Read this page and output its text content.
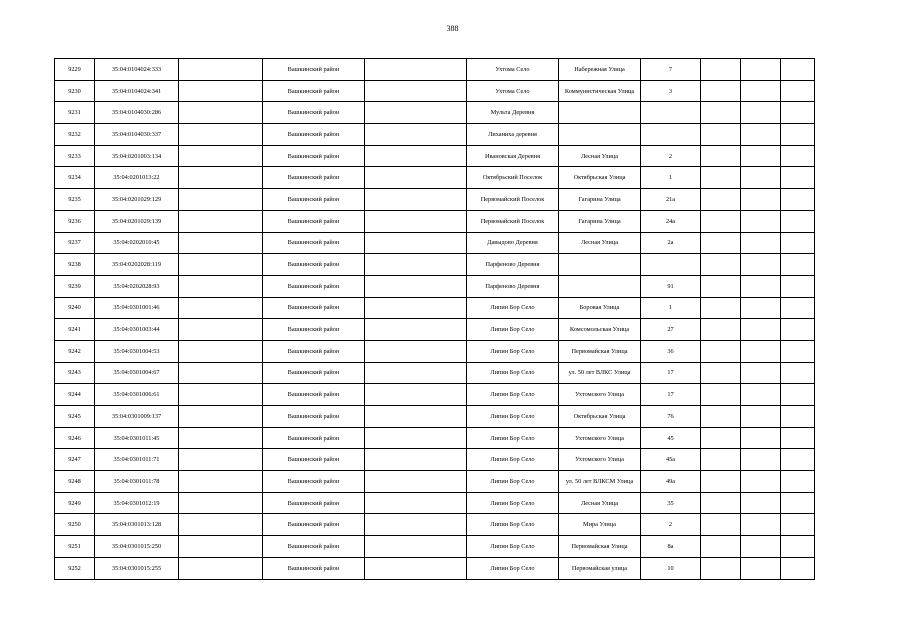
388
9229	35:04:0104024:333		Вашкинский район		Ухтома Село	Набережная Улица	7			
9230	35:04:0104024:341		Вашкинский район		Ухтома Село	Коммунистическая Улица	3			
9231	35:04:0104030:286		Вашкинский район		Мульта Деревня					
9232	35:04:0104030:337		Вашкинский район		Лиханиха деревня					
9233	35:04:0201003:134		Вашкинский район		Ивановская Деревня	Лесная Улица	2			
9234	35:04:0201013:22		Вашкинский район		Октябрьский Поселок	Октябрьская Улица	1			
9235	35:04:0201029:129		Вашкинский район		Первомайский Поселок	Гагарина Улица	21а			
9236	35:04:0201029:139		Вашкинский район		Первомайский Поселок	Гагарина Улица	24а			
9237	35:04:0202010:45		Вашкинский район		Давыдово Деревня	Лесная Улица	2а			
9238	35:04:0202028:119		Вашкинский район		Парфеново Деревня					
9239	35:04:0202028:93		Вашкинский район		Парфеново Деревня		91			
9240	35:04:0301001:46		Вашкинский район		Липин Бор Село	Боровая Улица	1			
9241	35:04:0301003:44		Вашкинский район		Липин Бор Село	Комсомольская Улица	27			
9242	35:04:0301004:53		Вашкинский район		Липин Бор Село	Первомайская Улица	36			
9243	35:04:0301004:67		Вашкинский район		Липин Бор Село	ул. 50 лет ВЛКС Улица	17			
9244	35:04:0301006:61		Вашкинский район		Липин Бор Село	Ухтомского Улица	17			
9245	35:04:0301009:137		Вашкинский район		Липин Бор Село	Октябрьская Улица	76			
9246	35:04:0301011:45		Вашкинский район		Липин Бор Село	Ухтомского Улица	45			
9247	35:04:0301011:71		Вашкинский район		Липин Бор Село	Ухтомского Улица	45а			
9248	35:04:0301011:78		Вашкинский район		Липин Бор Село	ул. 50 лет ВЛКСМ Улица	49а			
9249	35:04:0301012:19		Вашкинский район		Липин Бор Село	Лесная Улица	35			
9250	35:04:0301013:128		Вашкинский район		Липин Бор Село	Мира Улица	2			
9251	35:04:0301015:250		Вашкинский район		Липин Бор Село	Первомайская Улица	8а			
9252	35:04:0301015:255		Вашкинский район		Липин Бор Село	Первомайская улица	10			
